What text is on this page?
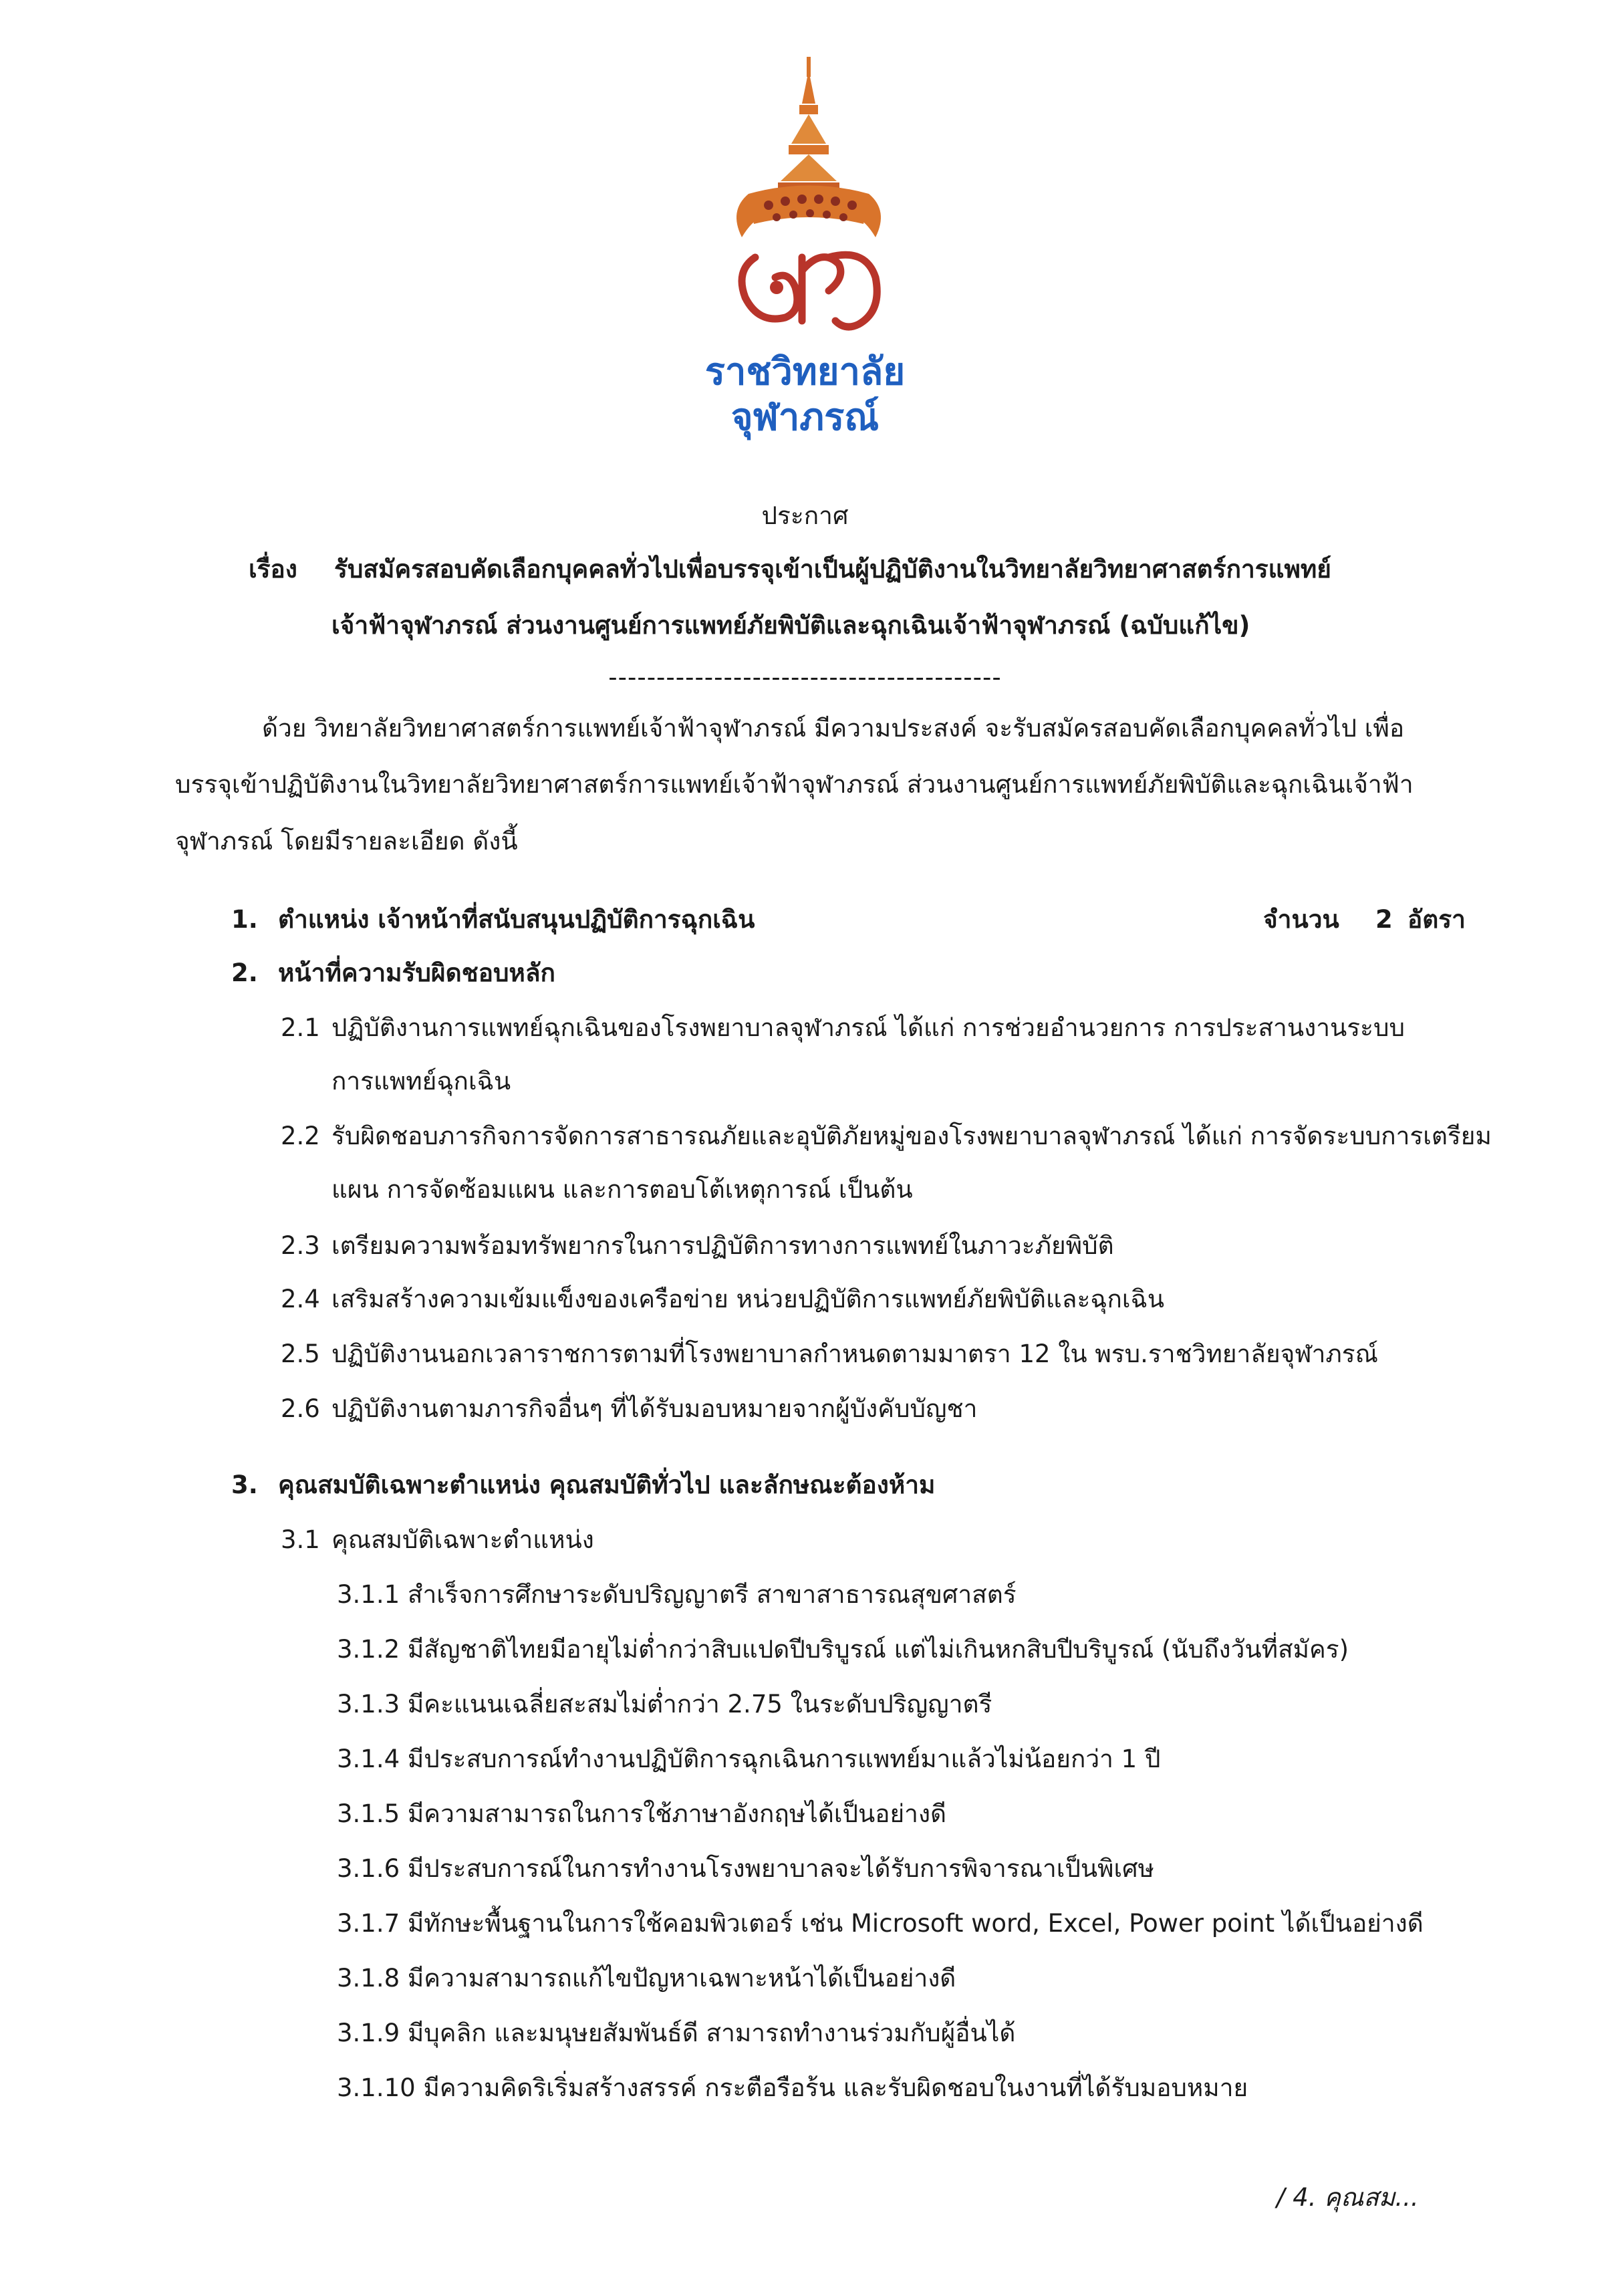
ราชวิทยาลัย
จุฬาภรณ์
ประกาศ
เรื่อง รับสมัครสอบคัดเลือกบุคคลทั่วไปเพื่อบรรจุเข้าเป็นผู้ปฏิบัติงานในวิทยาลัยวิทยาศาสตร์การแพทย์
เจ้าฟ้าจุฬาภรณ์ ส่วนงานศูนย์การแพทย์ภัยพิบัติและฉุกเฉินเจ้าฟ้าจุฬาภรณ์ (ฉบับแก้ไข)
-----------------------------------------
ด้วย วิทยาลัยวิทยาศาสตร์การแพทย์เจ้าฟ้าจุฬาภรณ์ มีความประสงค์ จะรับสมัครสอบคัดเลือกบุคคลทั่วไป เพื่อ
บรรจุเข้าปฏิบัติงานในวิทยาลัยวิทยาศาสตร์การแพทย์เจ้าฟ้าจุฬาภรณ์ ส่วนงานศูนย์การแพทย์ภัยพิบัติและฉุกเฉินเจ้าฟ้า
จุฬาภรณ์ โดยมีรายละเอียด ดังนี้
1. ตำแหน่ง เจ้าหน้าที่สนับสนุนปฏิบัติการฉุกเฉิน	จำนวน 2 อัตรา
2. หน้าที่ความรับผิดชอบหลัก
2.1 ปฏิบัติงานการแพทย์ฉุกเฉินของโรงพยาบาลจุฬาภรณ์ ได้แก่ การช่วยอำนวยการ การประสานงานระบบ
การแพทย์ฉุกเฉิน
2.2 รับผิดชอบภารกิจการจัดการสาธารณภัยและอุบัติภัยหมู่ของโรงพยาบาลจุฬาภรณ์ ได้แก่ การจัดระบบการเตรียม
แผน การจัดซ้อมแผน และการตอบโต้เหตุการณ์ เป็นต้น
2.3 เตรียมความพร้อมทรัพยากรในการปฏิบัติการทางการแพทย์ในภาวะภัยพิบัติ
2.4 เสริมสร้างความเข้มแข็งของเครือข่าย หน่วยปฏิบัติการแพทย์ภัยพิบัติและฉุกเฉิน
2.5 ปฏิบัติงานนอกเวลาราชการตามที่โรงพยาบาลกำหนดตามมาตรา 12 ใน พรบ.ราชวิทยาลัยจุฬาภรณ์
2.6 ปฏิบัติงานตามภารกิจอื่นๆ ที่ได้รับมอบหมายจากผู้บังคับบัญชา
3. คุณสมบัติเฉพาะตำแหน่ง คุณสมบัติทั่วไป และลักษณะต้องห้าม
3.1 คุณสมบัติเฉพาะตำแหน่ง
3.1.1 สำเร็จการศึกษาระดับปริญญาตรี สาขาสาธารณสุขศาสตร์
3.1.2 มีสัญชาติไทยมีอายุไม่ต่ำกว่าสิบแปดปีบริบูรณ์ แต่ไม่เกินหกสิบปีบริบูรณ์ (นับถึงวันที่สมัคร)
3.1.3 มีคะแนนเฉลี่ยสะสมไม่ต่ำกว่า 2.75 ในระดับปริญญาตรี
3.1.4 มีประสบการณ์ทำงานปฏิบัติการฉุกเฉินการแพทย์มาแล้วไม่น้อยกว่า 1 ปี
3.1.5 มีความสามารถในการใช้ภาษาอังกฤษได้เป็นอย่างดี
3.1.6 มีประสบการณ์ในการทำงานโรงพยาบาลจะได้รับการพิจารณาเป็นพิเศษ
3.1.7 มีทักษะพื้นฐานในการใช้คอมพิวเตอร์ เช่น Microsoft word, Excel, Power point ได้เป็นอย่างดี
3.1.8 มีความสามารถแก้ไขปัญหาเฉพาะหน้าได้เป็นอย่างดี
3.1.9 มีบุคลิก และมนุษยสัมพันธ์ดี สามารถทำงานร่วมกับผู้อื่นได้
3.1.10 มีความคิดริเริ่มสร้างสรรค์ กระตือรือร้น และรับผิดชอบในงานที่ได้รับมอบหมาย
/ 4. คุณสม...
